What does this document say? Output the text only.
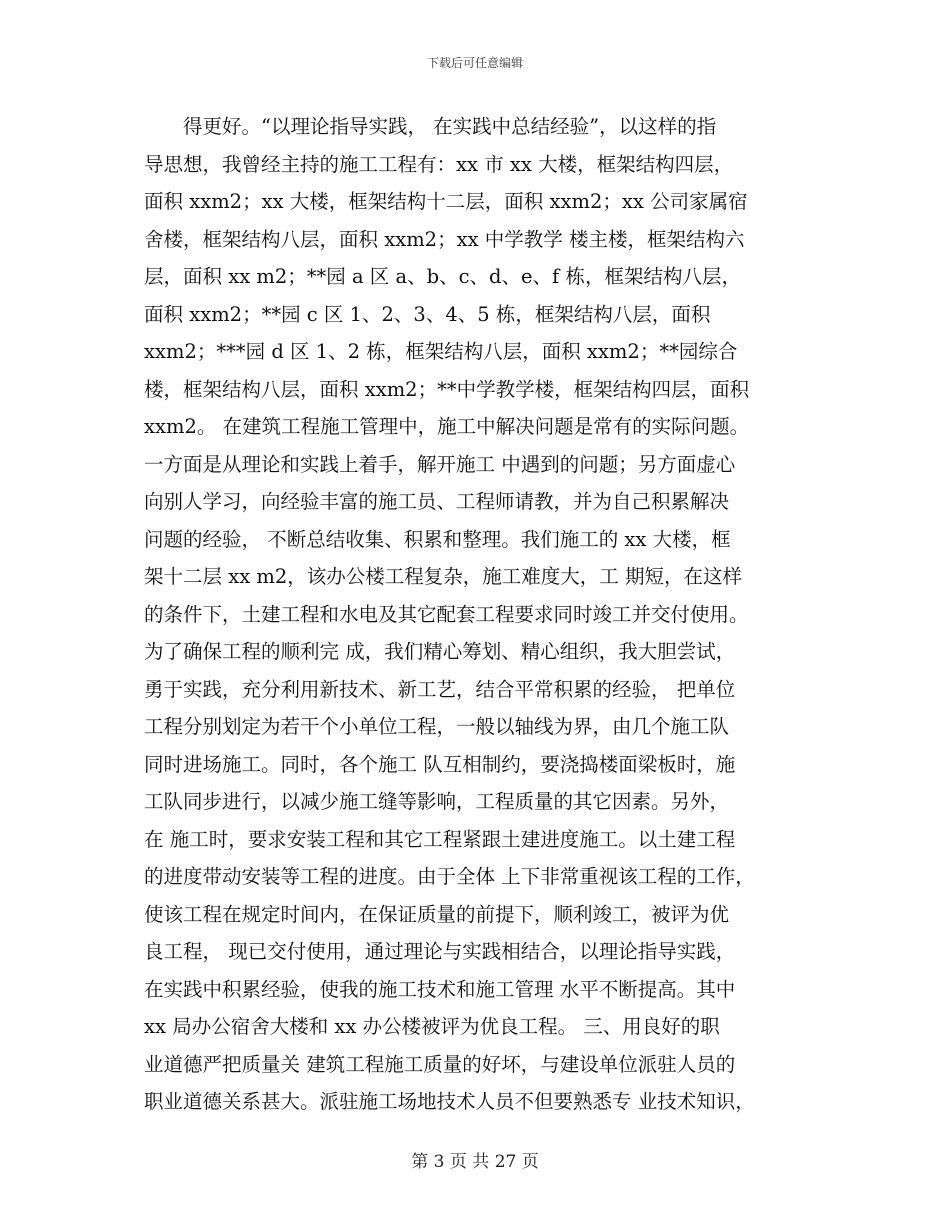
下载后可任意编辑
　　得更好。“以理论指导实践， 在实践中总结经验”，以这样的指
导思想，我曾经主持的施工工程有：xx 市 xx 大楼，框架结构四层，
面积 xxm2；xx 大楼，框架结构十二层，面积 xxm2；xx 公司家属宿
舍楼，框架结构八层，面积 xxm2；xx 中学教学 楼主楼，框架结构六
层，面积 xx m2；**园 a 区 a、b、c、d、e、f 栋，框架结构八层，
面积 xxm2；**园 c 区 1、2、3、4、5 栋，框架结构八层，面积
xxm2；***园 d 区 1、2 栋，框架结构八层，面积 xxm2；**园综合
楼，框架结构八层，面积 xxm2；**中学教学楼，框架结构四层，面积
xxm2。 在建筑工程施工管理中，施工中解决问题是常有的实际问题。
一方面是从理论和实践上着手，解开施工 中遇到的问题；另方面虚心
向别人学习，向经验丰富的施工员、工程师请教，并为自己积累解决
问题的经验， 不断总结收集、积累和整理。我们施工的 xx 大楼，框
架十二层 xx m2，该办公楼工程复杂，施工难度大，工 期短，在这样
的条件下，土建工程和水电及其它配套工程要求同时竣工并交付使用。
为了确保工程的顺利完 成，我们精心筹划、精心组织，我大胆尝试，
勇于实践，充分利用新技术、新工艺，结合平常积累的经验， 把单位
工程分别划定为若干个小单位工程，一般以轴线为界，由几个施工队
同时进场施工。同时，各个施工 队互相制约，要浇捣楼面梁板时，施
工队同步进行，以减少施工缝等影响，工程质量的其它因素。另外，
在 施工时，要求安装工程和其它工程紧跟土建进度施工。以土建工程
的进度带动安装等工程的进度。由于全体 上下非常重视该工程的工作，
使该工程在规定时间内，在保证质量的前提下，顺利竣工，被评为优
良工程， 现已交付使用，通过理论与实践相结合，以理论指导实践，
在实践中积累经验，使我的施工技术和施工管理 水平不断提高。其中
xx 局办公宿舍大楼和 xx 办公楼被评为优良工程。 三、用良好的职
业道德严把质量关 建筑工程施工质量的好坏，与建设单位派驻人员的
职业道德关系甚大。派驻施工场地技术人员不但要熟悉专 业技术知识，
第 3 页 共 27 页
